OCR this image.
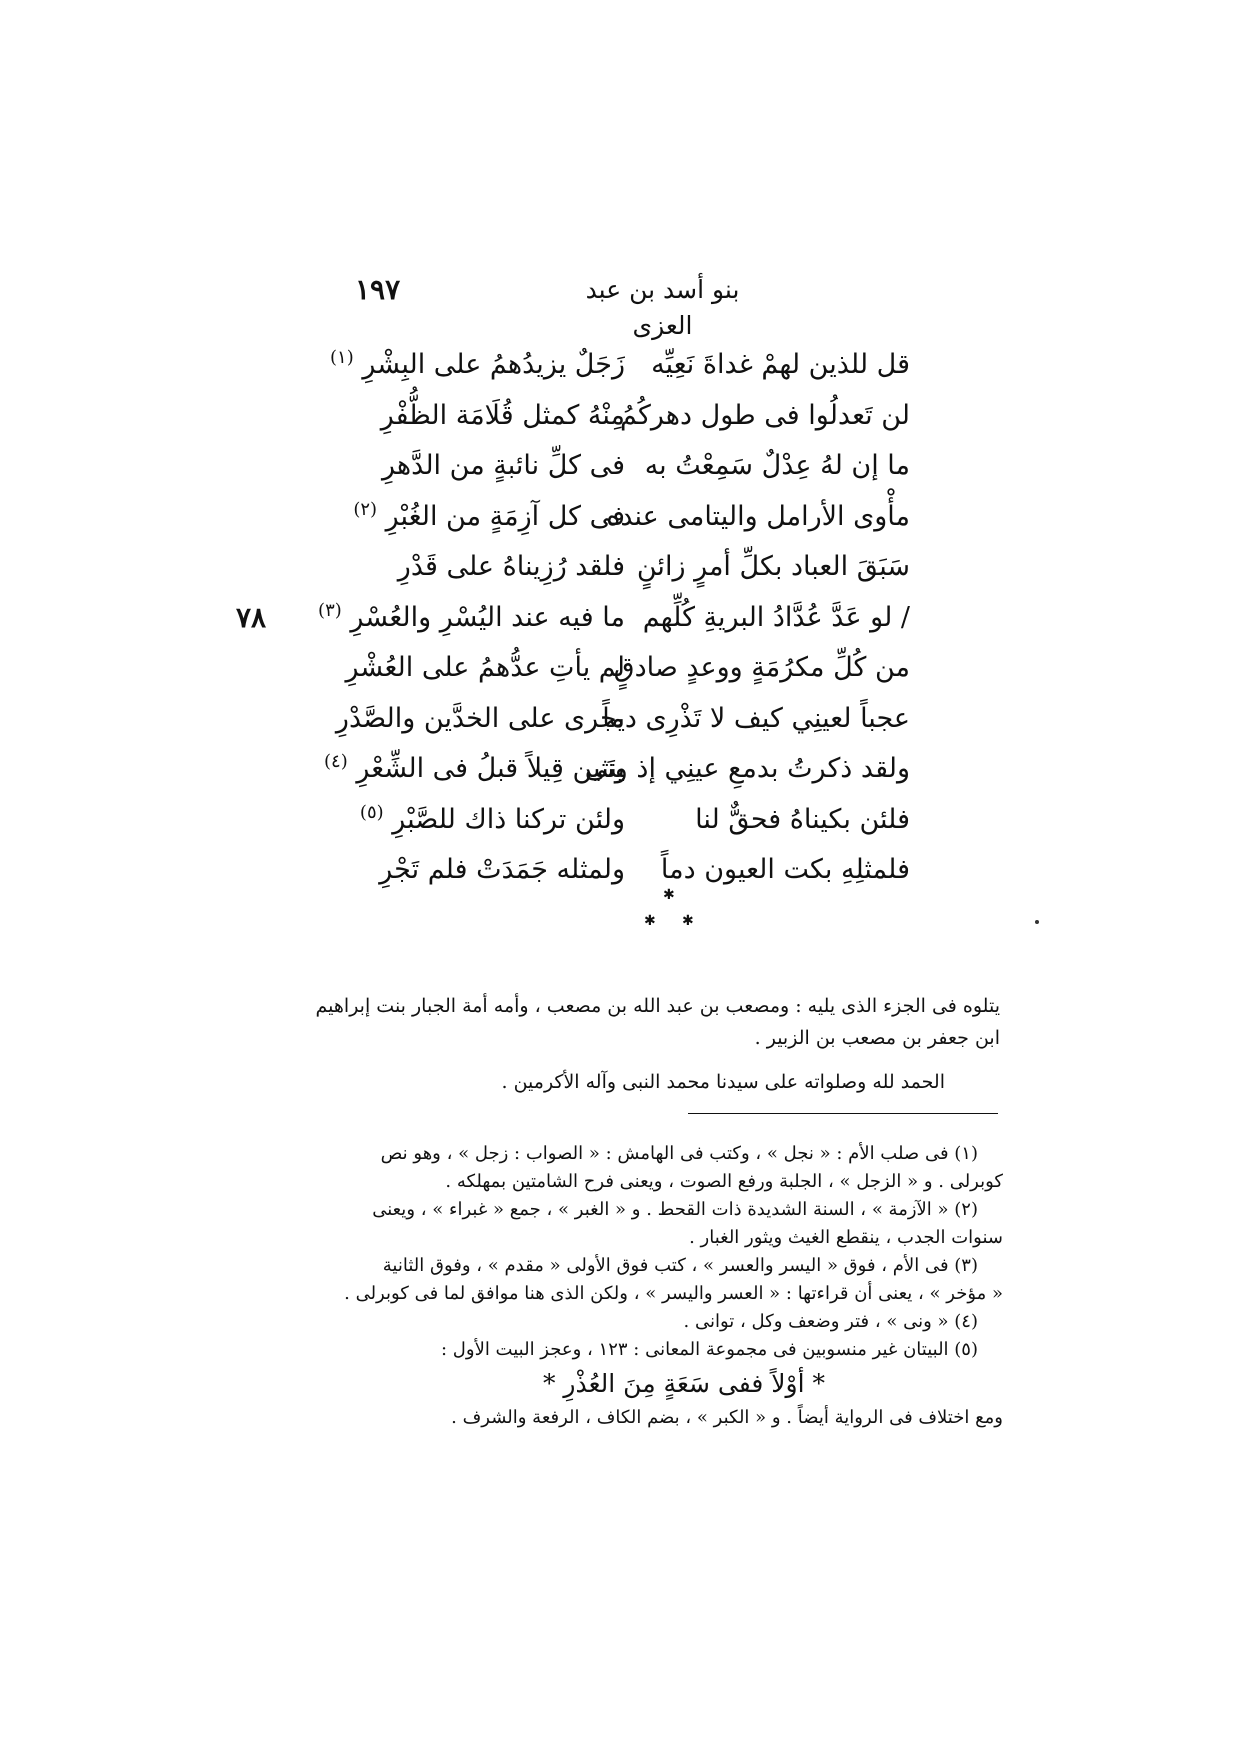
١٩٧	بنو أسد بن عبد العزى
٧٨
قل للذين لهمْ غداةَ نَعِيِّه
زَجَلٌ يزيدُهمُ على البِشْرِ $^{(١)}$
لن تَعدلُوا فى طول دهركُمُ
مِنْهُ كمثل قُلَامَة الظُّفْرِ
ما إن لهُ عِدْلٌ سَمِعْتُ به
فى كلِّ نائبةٍ من الدَّهرِ
مأْوى الأرامل واليتامى عنده
فى كل آزِمَةٍ من الغُبْرِ $^{(٢)}$
سَبَقَ العباد بكلِّ أمرٍ زائنٍ
فلقد رُزِيناهُ على قَدْرِ
/ لو عَدَّ عُدَّادُ البريةِ كُلِّهم
ما فيه عند اليُسْرِ والعُسْرِ $^{(٣)}$
من كُلِّ مكرُمَةٍ ووعدٍ صادقٍ
لم يأتِ عدُّهمُ على العُشْرِ
عجباً لعينِي كيف لا تَذْرِى دماً
يجرى على الخدَّين والصَّدْرِ
ولقد ذكرتُ بدمعِ عينِي إذ ونَى
ينثين قِيلاً قبلُ فى الشِّعْرِ $^{(٤)}$
فلئن بكيناهُ فحقٌّ لنا
ولئن تركنا ذاك للصَّبْرِ $^{(٥)}$
فلمثلِهِ بكت العيون دماً
ولمثله جَمَدَتْ فلم تَجْرِ
✱
✱ ✱
يتلوه فى الجزء الذى يليه : ومصعب بن عبد الله بن مصعب ، وأمه أمة الجبار بنت إبراهيم
ابن جعفر بن مصعب بن الزبير .
الحمد لله وصلواته على سيدنا محمد النبى وآله الأكرمين .
(١) فى صلب الأم : « نجل » ، وكتب فى الهامش : « الصواب : زجل » ، وهو نص
كوبرلى . و « الزجل » ، الجلبة ورفع الصوت ، ويعنى فرح الشامتين بمهلكه .
(٢) « الآزمة » ، السنة الشديدة ذات القحط . و « الغبر » ، جمع « غبراء » ، ويعنى
سنوات الجدب ، ينقطع الغيث ويثور الغبار .
(٣) فى الأم ، فوق « اليسر والعسر » ، كتب فوق الأولى « مقدم » ، وفوق الثانية
« مؤخر » ، يعنى أن قراءتها : « العسر واليسر » ، ولكن الذى هنا موافق لما فى كوبرلى .
(٤) « ونى » ، فتر وضعف وكل ، توانى .
(٥) البيتان غير منسوبين فى مجموعة المعانى : ١٢٣ ، وعجز البيت الأول :
* أوْلاً ففى سَعَةٍ مِنَ العُذْرِ *
ومع اختلاف فى الرواية أيضاً . و « الكبر » ، بضم الكاف ، الرفعة والشرف .
